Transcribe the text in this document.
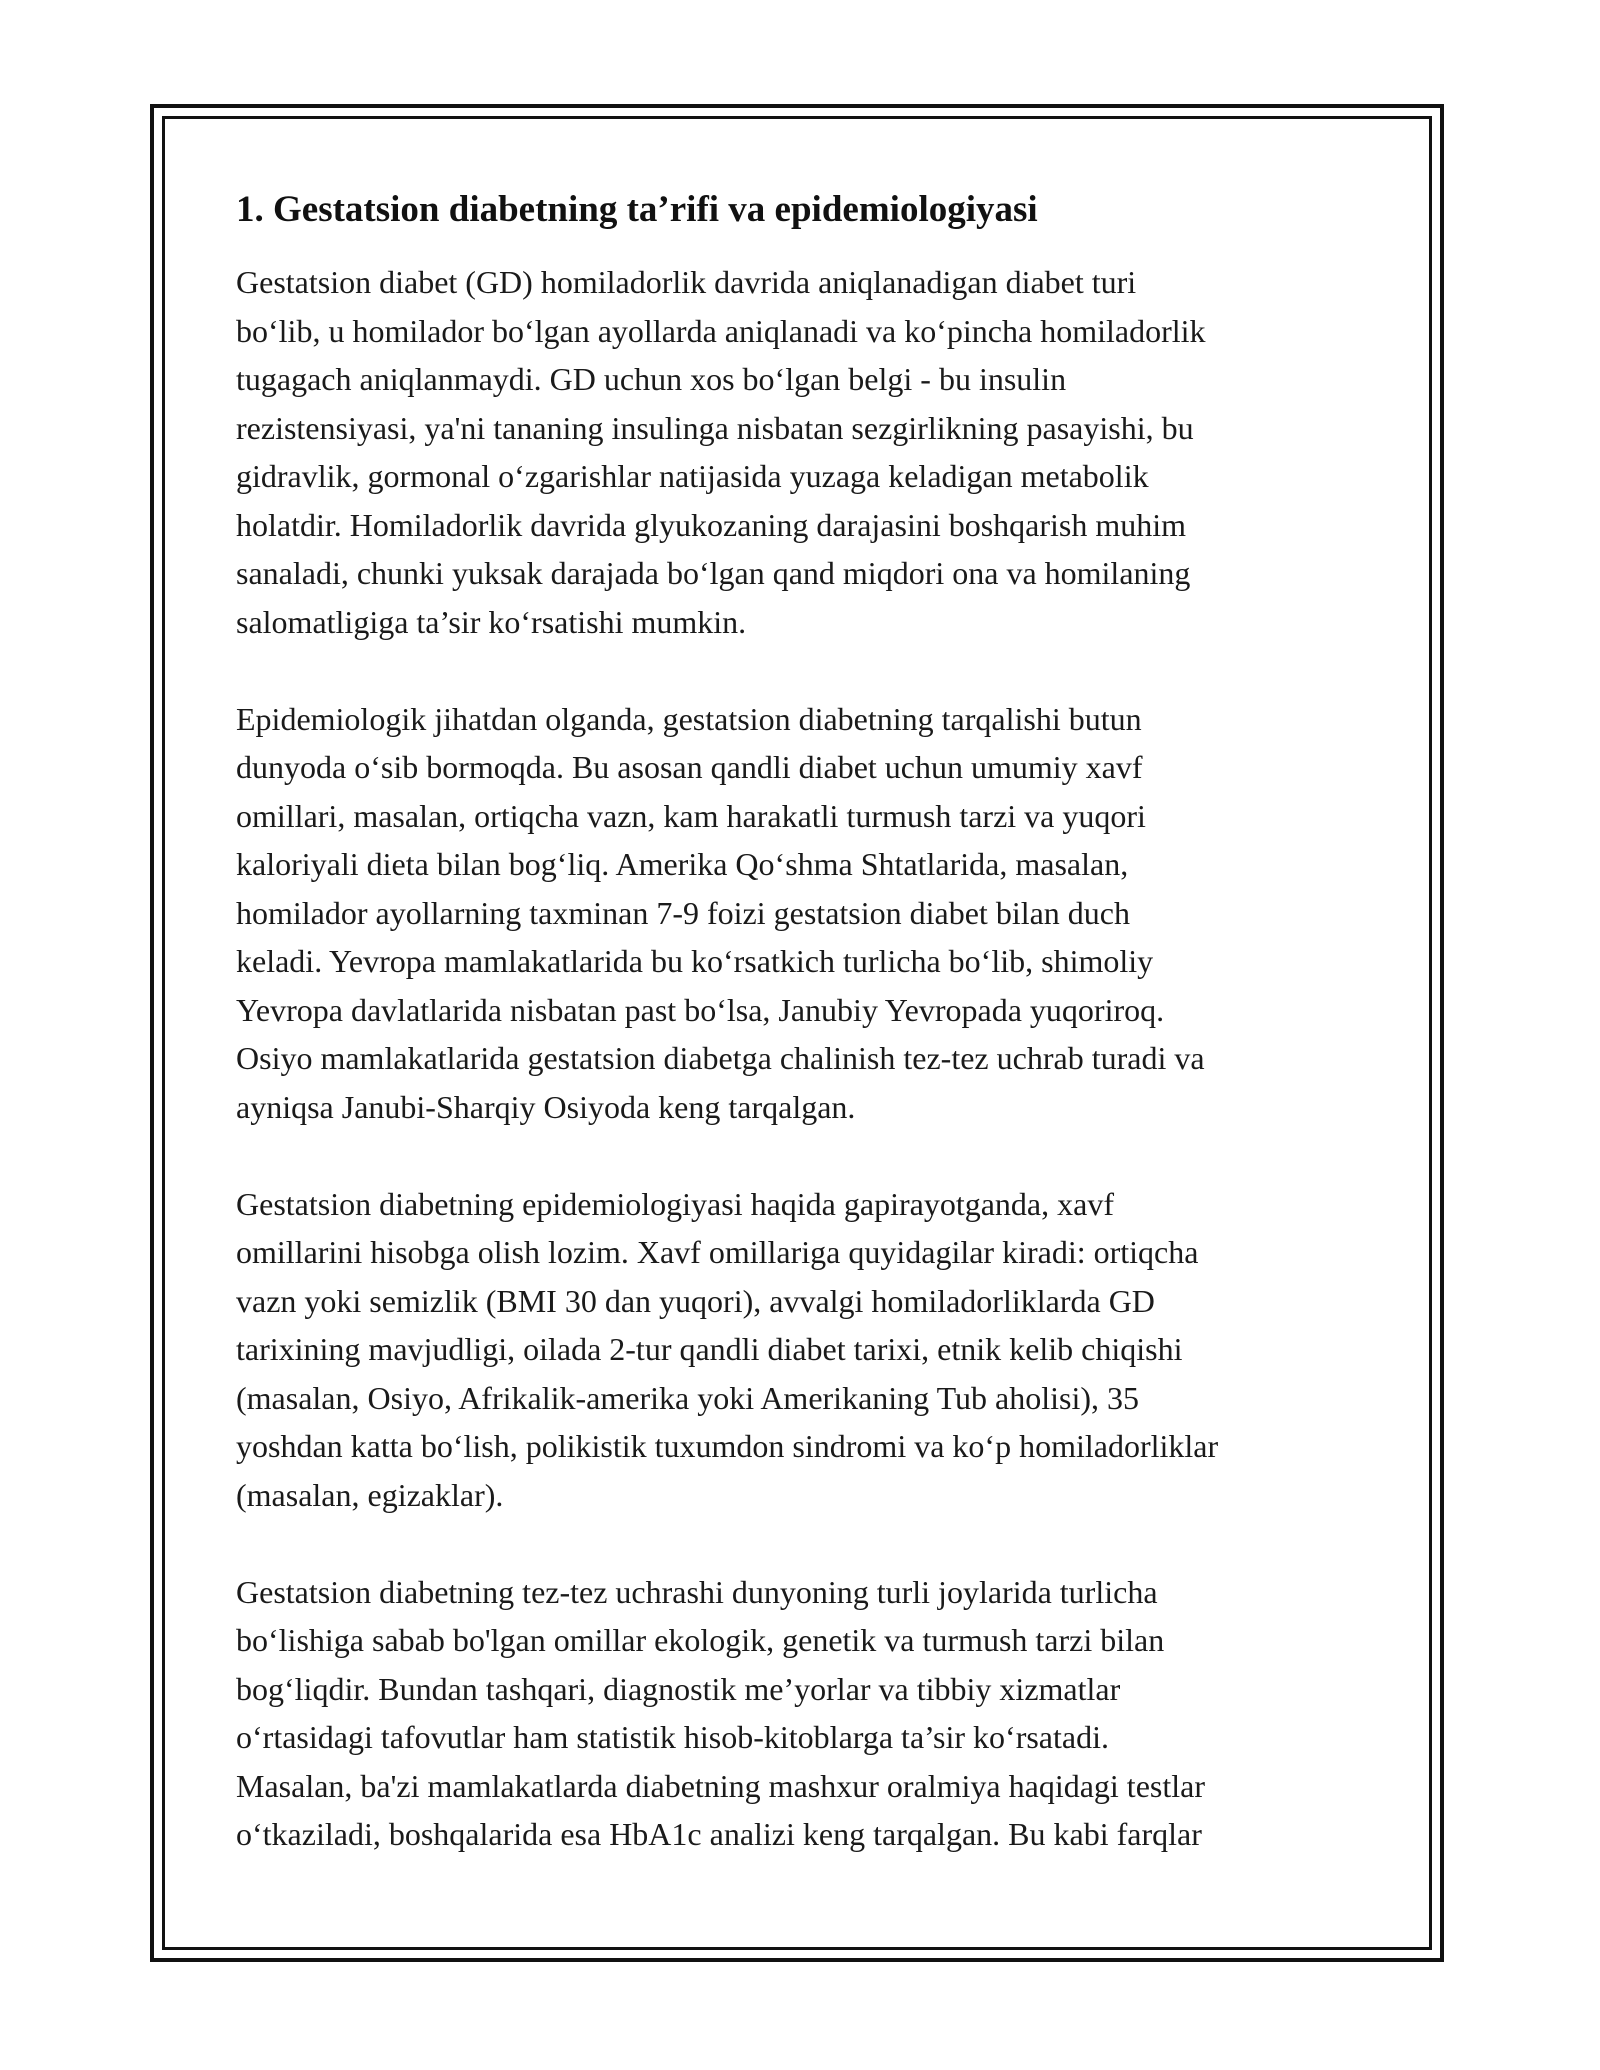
1. Gestatsion diabetning ta’rifi va epidemiologiyasi

Gestatsion diabet (GD) homiladorlik davrida aniqlanadigan diabet turi
bo‘lib, u homilador bo‘lgan ayollarda aniqlanadi va ko‘pincha homiladorlik
tugagach aniqlanmaydi. GD uchun xos bo‘lgan belgi - bu insulin
rezistensiyasi, ya'ni tananing insulinga nisbatan sezgirlikning pasayishi, bu
gidravlik, gormonal o‘zgarishlar natijasida yuzaga keladigan metabolik
holatdir. Homiladorlik davrida glyukozaning darajasini boshqarish muhim
sanaladi, chunki yuksak darajada bo‘lgan qand miqdori ona va homilaning
salomatligiga ta’sir ko‘rsatishi mumkin.

Epidemiologik jihatdan olganda, gestatsion diabetning tarqalishi butun
dunyoda o‘sib bormoqda. Bu asosan qandli diabet uchun umumiy xavf
omillari, masalan, ortiqcha vazn, kam harakatli turmush tarzi va yuqori
kaloriyali dieta bilan bog‘liq. Amerika Qo‘shma Shtatlarida, masalan,
homilador ayollarning taxminan 7-9 foizi gestatsion diabet bilan duch
keladi. Yevropa mamlakatlarida bu ko‘rsatkich turlicha bo‘lib, shimoliy
Yevropa davlatlarida nisbatan past bo‘lsa, Janubiy Yevropada yuqoriroq.
Osiyo mamlakatlarida gestatsion diabetga chalinish tez-tez uchrab turadi va
ayniqsa Janubi-Sharqiy Osiyoda keng tarqalgan.

Gestatsion diabetning epidemiologiyasi haqida gapirayotganda, xavf
omillarini hisobga olish lozim. Xavf omillariga quyidagilar kiradi: ortiqcha
vazn yoki semizlik (BMI 30 dan yuqori), avvalgi homiladorliklarda GD
tarixining mavjudligi, oilada 2-tur qandli diabet tarixi, etnik kelib chiqishi
(masalan, Osiyo, Afrikalik-amerika yoki Amerikaning Tub aholisi), 35
yoshdan katta bo‘lish, polikistik tuxumdon sindromi va ko‘p homiladorliklar
(masalan, egizaklar).

Gestatsion diabetning tez-tez uchrashi dunyoning turli joylarida turlicha
bo‘lishiga sabab bo'lgan omillar ekologik, genetik va turmush tarzi bilan
bog‘liqdir. Bundan tashqari, diagnostik me’yorlar va tibbiy xizmatlar
o‘rtasidagi tafovutlar ham statistik hisob-kitoblarga ta’sir ko‘rsatadi.
Masalan, ba'zi mamlakatlarda diabetning mashxur oralmiya haqidagi testlar
o‘tkaziladi, boshqalarida esa HbA1c analizi keng tarqalgan. Bu kabi farqlar
